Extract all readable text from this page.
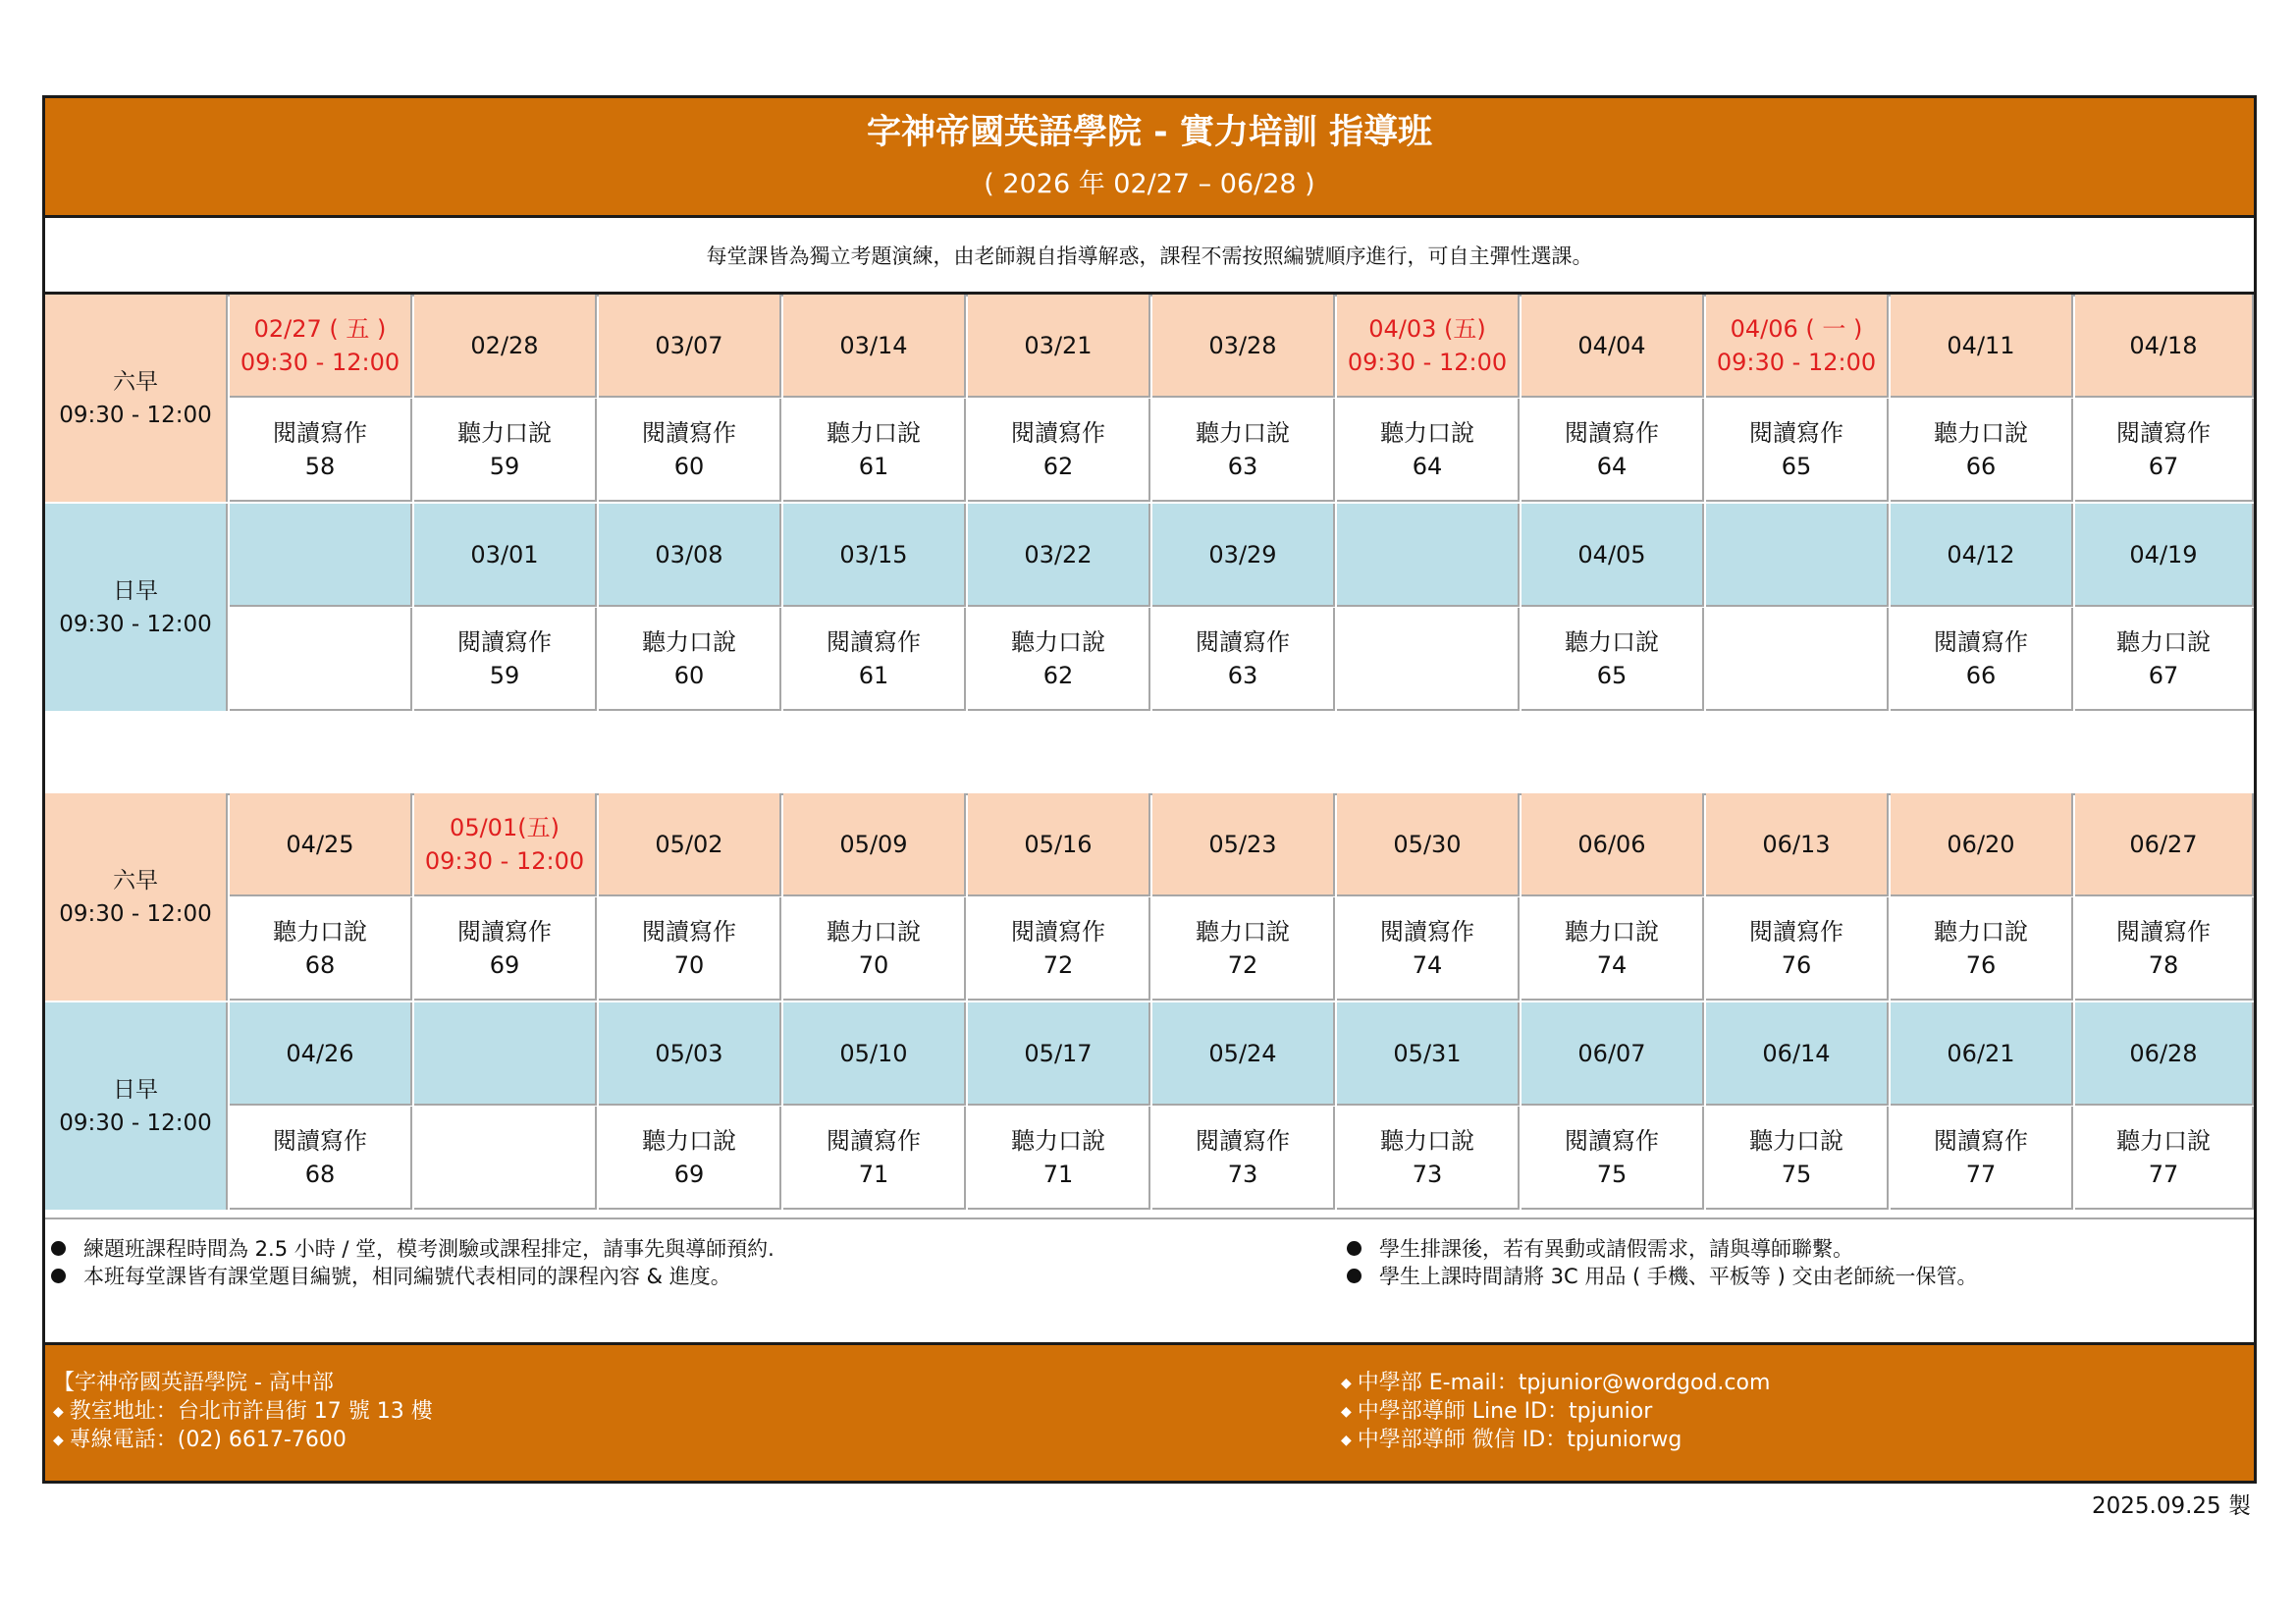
字神帝國英語學院 - 實力培訓 指導班
( 2026 年 02/27 – 06/28 )
每堂課皆為獨立考題演練，由老師親自指導解惑，課程不需按照編號順序進行，可自主彈性選課。
六早
09:30 - 12:00
日早
09:30 - 12:00
02/27 ( 五 )
09:30 - 12:00
閱讀寫作
58
02/28
聽力口說
59
03/07
閱讀寫作
60
03/14
聽力口說
61
03/21
閱讀寫作
62
03/28
聽力口說
63
04/03 (五)
09:30 - 12:00
聽力口說
64
04/04
閱讀寫作
64
04/06 ( 一 )
09:30 - 12:00
閱讀寫作
65
04/11
聽力口說
66
04/18
閱讀寫作
67
03/01
閱讀寫作
59
03/08
聽力口說
60
03/15
閱讀寫作
61
03/22
聽力口說
62
03/29
閱讀寫作
63
04/05
聽力口說
65
04/12
閱讀寫作
66
04/19
聽力口說
67
六早
09:30 - 12:00
日早
09:30 - 12:00
04/25
聽力口說
68
05/01(五)
09:30 - 12:00
閱讀寫作
69
05/02
閱讀寫作
70
05/09
聽力口說
70
05/16
閱讀寫作
72
05/23
聽力口說
72
05/30
閱讀寫作
74
06/06
聽力口說
74
06/13
閱讀寫作
76
06/20
聽力口說
76
06/27
閱讀寫作
78
04/26
閱讀寫作
68
05/03
聽力口說
69
05/10
閱讀寫作
71
05/17
聽力口說
71
05/24
閱讀寫作
73
05/31
聽力口說
73
06/07
閱讀寫作
75
06/14
聽力口說
75
06/21
閱讀寫作
77
06/28
聽力口說
77
練題班課程時間為 2.5 小時 / 堂，模考測驗或課程排定，請事先與導師預約.
本班每堂課皆有課堂題目編號，相同編號代表相同的課程內容 & 進度。
學生排課後，若有異動或請假需求，請與導師聯繫。
學生上課時間請將 3C 用品 ( 手機、平板等 ) 交由老師統一保管。
【字神帝國英語學院 - 高中部
◆ 教室地址：台北市許昌街 17 號 13 樓
◆ 專線電話：(02) 6617-7600
◆ 中學部 E-mail：tpjunior@wordgod.com
◆ 中學部導師 Line ID：tpjunior
◆ 中學部導師 微信 ID：tpjuniorwg
2025.09.25 製
